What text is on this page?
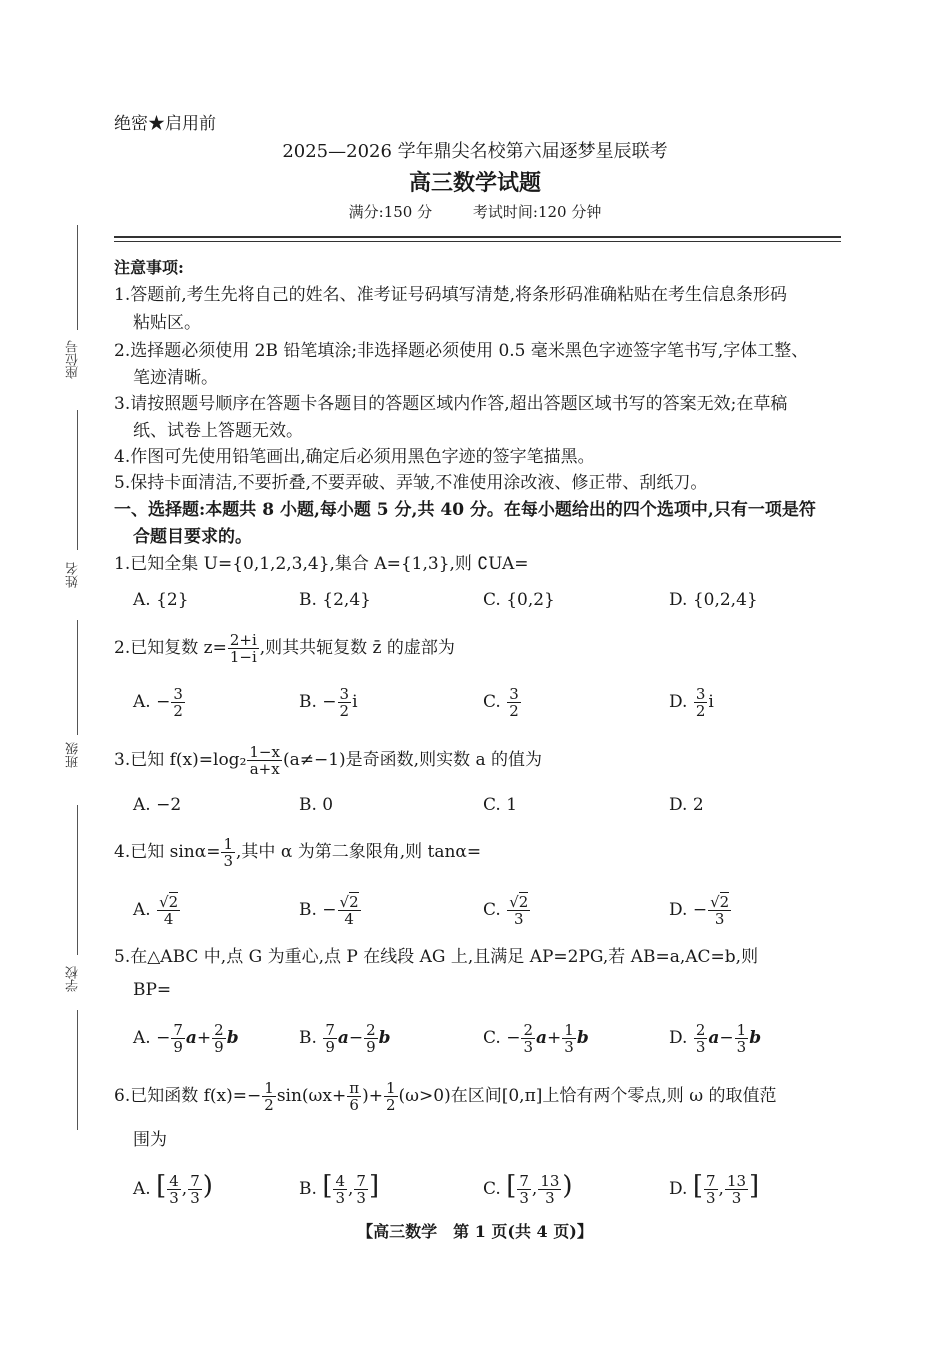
绝密★启用前
2025—2026 学年鼎尖名校第六届逐梦星辰联考
高三数学试题
满分:150 分	考试时间:120 分钟
座位号
姓名
班级
学校
注意事项:
1.答题前,考生先将自己的姓名、准考证号码填写清楚,将条形码准确粘贴在考生信息条形码
粘贴区。
2.选择题必须使用 2B 铅笔填涂;非选择题必须使用 0.5 毫米黑色字迹签字笔书写,字体工整、
笔迹清晰。
3.请按照题号顺序在答题卡各题目的答题区域内作答,超出答题区域书写的答案无效;在草稿
纸、试卷上答题无效。
4.作图可先使用铅笔画出,确定后必须用黑色字迹的签字笔描黑。
5.保持卡面清洁,不要折叠,不要弄破、弄皱,不准使用涂改液、修正带、刮纸刀。
一、选择题:本题共 8 小题,每小题 5 分,共 40 分。在每小题给出的四个选项中,只有一项是符
合题目要求的。
1.已知全集 U={0,1,2,3,4},集合 A={1,3},则 ∁UA=
A. {2}	B. {2,4}	C. {0,2}	D. {0,2,4}
2.已知复数 $z= \frac{2+i}{1-i}$ ,则其共轭复数 z̄ 的虚部为
A. − $\frac{3}{2}$	B. − $\frac{3}{2}$ i	C. $\frac{3}{2}$	D. $\frac{3}{2}$ i
3.已知 $f(x)=\log_2 \frac{1-x}{a+x} (a\ne-1)$是奇函数,则实数 a 的值为
A. −2	B. 0	C. 1	D. 2
4.已知 $\sin\alpha= \frac{1}{3}$ ,其中 α 为第二象限角,则 tanα=
A. $\frac{√2}{4}$	B. − $\frac{√2}{4}$	C. $\frac{√2}{3}$	D. − $\frac{√2}{3}$
5.在△ABC 中,点 G 为重心,点 P 在线段 AG 上,且满足 AP=2PG,若 AB=a,AC=b,则
BP=
A. − $\frac{7}{9} a+ \frac{2}{9}$ b	B. $\frac{7}{9} a- \frac{2}{9}$ b	C. − $\frac{2}{3} a+ \frac{1}{3}$ b	D. $\frac{2}{3} a- \frac{1}{3}$ b
6.已知函数 $f(x)=- \frac{1}{2} \sin(\omega x+ \frac{\pi}{6}$ )+ $\frac{1}{2} (\omega>0)$在区间[0,π]上恰有两个零点,则 ω 的取值范
围为
A. [ $\frac{4}{3}$ , $\frac{7}{3}$ )	B. [ $\frac{4}{3}$ , $\frac{7}{3}$ ]	C. [ $\frac{7}{3}$ , $\frac{13}{3}$ )	D. [ $\frac{7}{3}$ , $\frac{13}{3}$ ]
【高三数学　第 1 页(共 4 页)】
